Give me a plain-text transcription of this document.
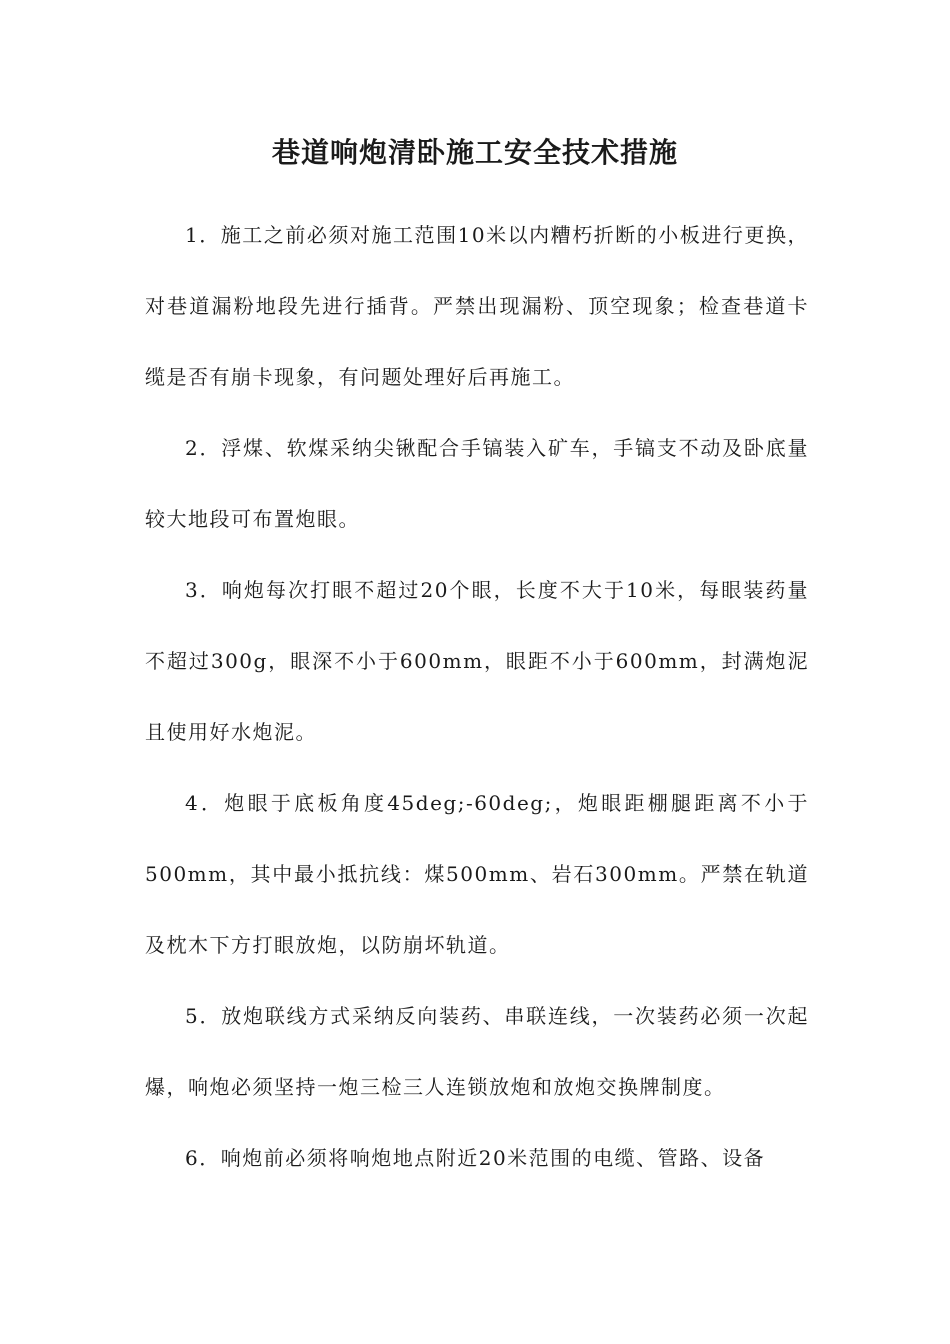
巷道响炮清卧施工安全技术措施

1．施工之前必须对施工范围10米以内糟朽折断的小板进行更换，对巷道漏粉地段先进行插背。严禁出现漏粉、顶空现象；检查巷道卡缆是否有崩卡现象，有问题处理好后再施工。

2．浮煤、软煤采纳尖锹配合手镐装入矿车，手镐支不动及卧底量较大地段可布置炮眼。

3．响炮每次打眼不超过20个眼，长度不大于10米，每眼装药量不超过300g，眼深不小于600mm，眼距不小于600mm，封满炮泥且使用好水炮泥。

4．炮眼于底板角度45deg;-60deg;，炮眼距棚腿距离不小于500mm，其中最小抵抗线：煤500mm、岩石300mm。严禁在轨道及枕木下方打眼放炮，以防崩坏轨道。

5．放炮联线方式采纳反向装药、串联连线，一次装药必须一次起爆，响炮必须坚持一炮三检三人连锁放炮和放炮交换牌制度。

6．响炮前必须将响炮地点附近20米范围的电缆、管路、设备
